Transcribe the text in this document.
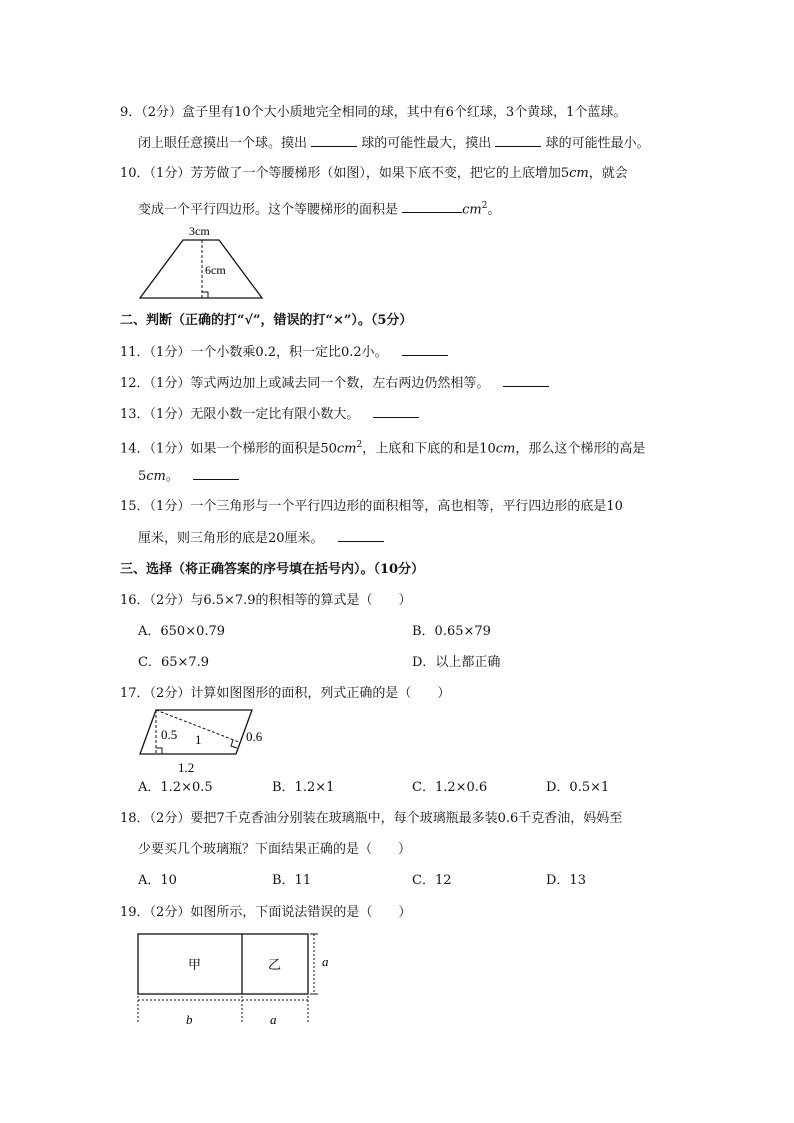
9．（2分）盒子里有10个大小质地完全相同的球，其中有6个红球，3个黄球，1个蓝球。
闭上眼任意摸出一个球。摸出	球的可能性最大，摸出	球的可能性最小。
10．（1分）芳芳做了一个等腰梯形（如图），如果下底不变，把它的上底增加5cm，就会
变成一个平行四边形。这个等腰梯形的面积是	$cm^2$。
3cm
6cm
二、判断（正确的打“√”，错误的打“×”）。（5分）
11．（1分）一个小数乘0.2，积一定比0.2小。
12．（1分）等式两边加上或减去同一个数，左右两边仍然相等。
13．（1分）无限小数一定比有限小数大。
14．（1分）如果一个梯形的面积是$50cm^2$，上底和下底的和是10cm，那么这个梯形的高是
5cm。
15．（1分）一个三角形与一个平行四边形的面积相等，高也相等，平行四边形的底是10
厘米，则三角形的底是20厘米。
三、选择（将正确答案的序号填在括号内）。（10分）
16．（2分）与6.5×7.9的积相等的算式是（　　）
A．650×0.79	B．0.65×79
C．65×7.9	D．以上都正确
17．（2分）计算如图图形的面积，列式正确的是（　　）
0.5 1	0.6
1.2
A．1.2×0.5	B．1.2×1	C．1.2×0.6	D．0.5×1
18．（2分）要把7千克香油分别装在玻璃瓶中，每个玻璃瓶最多装0.6千克香油，妈妈至
少要买几个玻璃瓶？下面结果正确的是（　　）
A．10	B．11	C．12	D．13
19．（2分）如图所示，下面说法错误的是（　　）
甲	乙	a
b	a
